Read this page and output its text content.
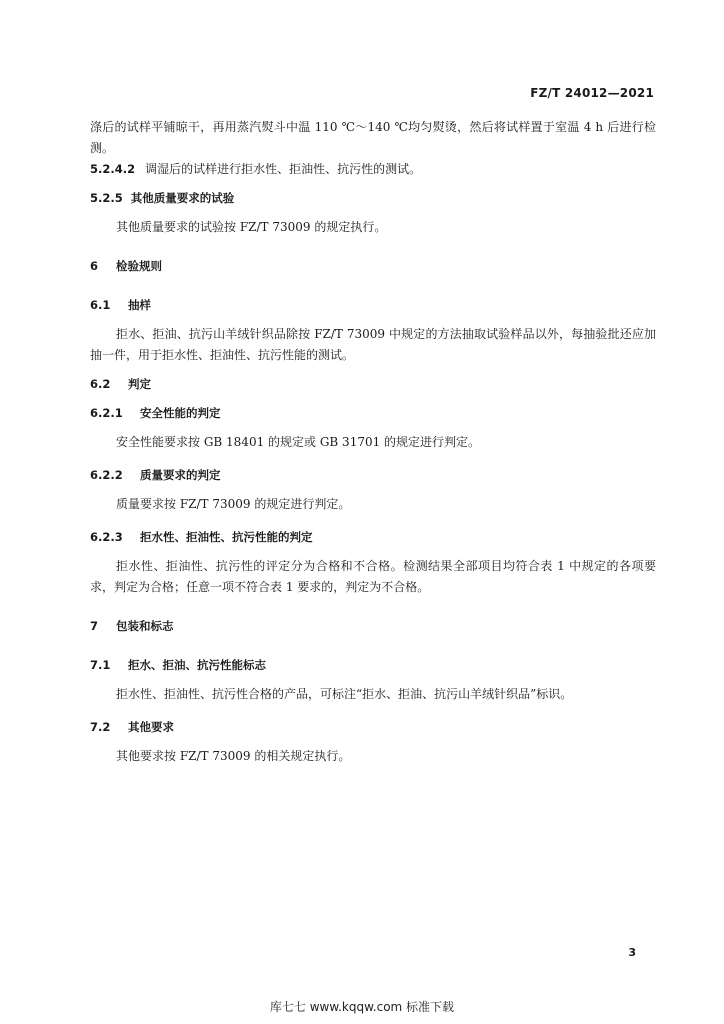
FZ/T 24012—2021

涤后的试样平铺晾干，再用蒸汽熨斗中温 110 ℃～140 ℃均匀熨烫，然后将试样置于室温 4 h 后进行检测。

5.2.4.2 调湿后的试样进行拒水性、拒油性、抗污性的测试。

5.2.5 其他质量要求的试验

其他质量要求的试验按 FZ/T 73009 的规定执行。

6 检验规则
6.1 抽样

拒水、拒油、抗污山羊绒针织品除按 FZ/T 73009 中规定的方法抽取试验样品以外，每抽验批还应加抽一件，用于拒水性、拒油性、抗污性能的测试。

6.2 判定
6.2.1 安全性能的判定

安全性能要求按 GB 18401 的规定或 GB 31701 的规定进行判定。

6.2.2 质量要求的判定

质量要求按 FZ/T 73009 的规定进行判定。

6.2.3 拒水性、拒油性、抗污性能的判定

拒水性、拒油性、抗污性的评定分为合格和不合格。检测结果全部项目均符合表 1 中规定的各项要求，判定为合格；任意一项不符合表 1 要求的，判定为不合格。

7 包装和标志
7.1 拒水、拒油、抗污性能标志

拒水性、拒油性、抗污性合格的产品，可标注“拒水、拒油、抗污山羊绒针织品”标识。

7.2 其他要求

其他要求按 FZ/T 73009 的相关规定执行。

3
库七七 www.kqqw.com 标准下载
